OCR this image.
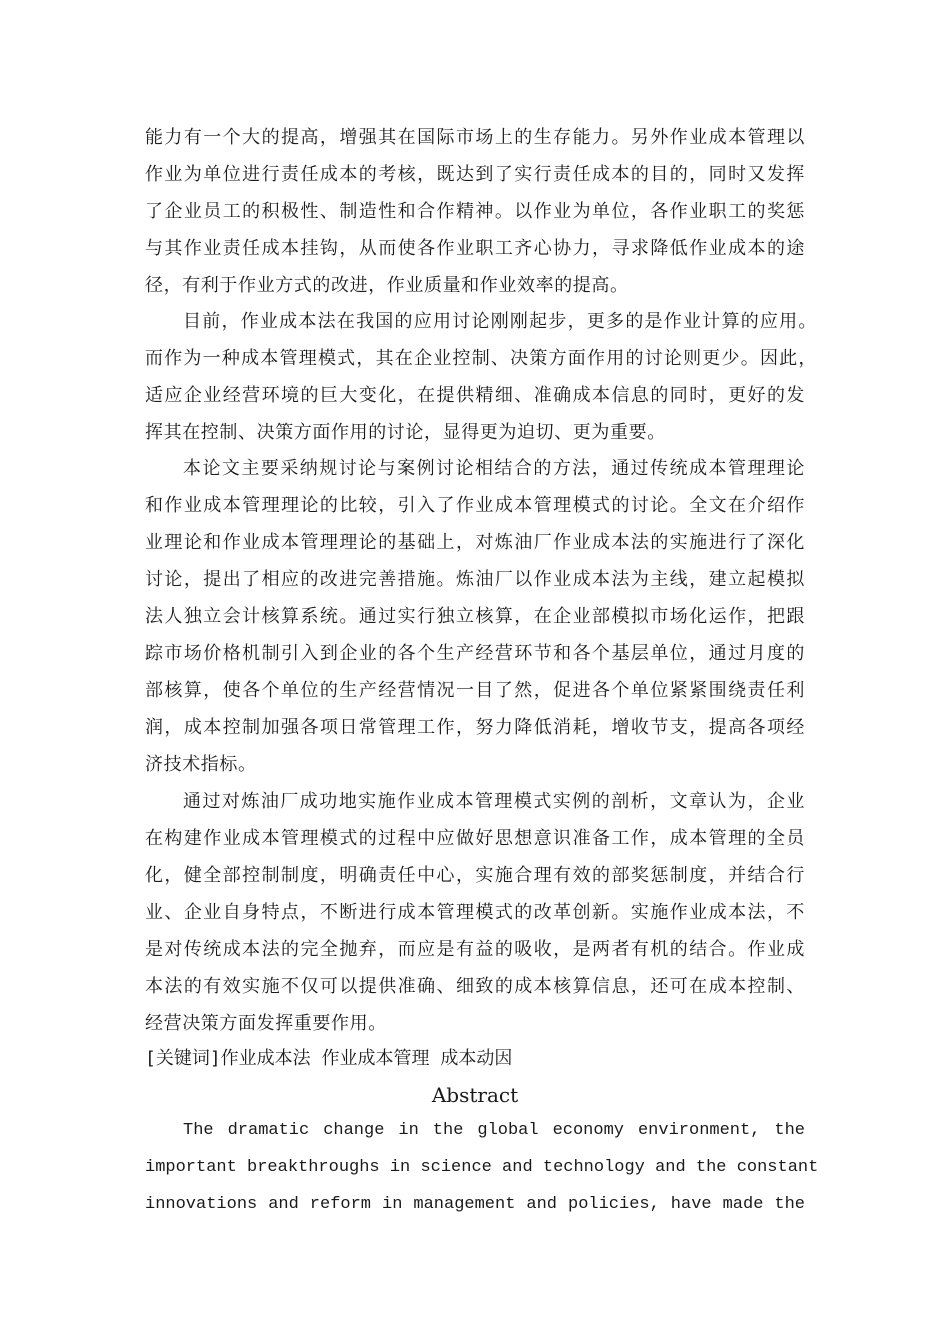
能力有一个大的提高，增强其在国际市场上的生存能力。另外作业成本管理以
作业为单位进行责任成本的考核，既达到了实行责任成本的目的，同时又发挥
了企业员工的积极性、制造性和合作精神。以作业为单位，各作业职工的奖惩
与其作业责任成本挂钩，从而使各作业职工齐心协力，寻求降低作业成本的途
径，有利于作业方式的改进，作业质量和作业效率的提高。
目前，作业成本法在我国的应用讨论刚刚起步，更多的是作业计算的应用。
而作为一种成本管理模式，其在企业控制、决策方面作用的讨论则更少。因此，
适应企业经营环境的巨大变化，在提供精细、准确成本信息的同时，更好的发
挥其在控制、决策方面作用的讨论，显得更为迫切、更为重要。
本论文主要采纳规讨论与案例讨论相结合的方法，通过传统成本管理理论
和作业成本管理理论的比较，引入了作业成本管理模式的讨论。全文在介绍作
业理论和作业成本管理理论的基础上，对炼油厂作业成本法的实施进行了深化
讨论，提出了相应的改进完善措施。炼油厂以作业成本法为主线，建立起模拟
法人独立会计核算系统。通过实行独立核算，在企业部模拟市场化运作，把跟
踪市场价格机制引入到企业的各个生产经营环节和各个基层单位，通过月度的
部核算，使各个单位的生产经营情况一目了然，促进各个单位紧紧围绕责任利
润，成本控制加强各项日常管理工作，努力降低消耗，增收节支，提高各项经
济技术指标。
通过对炼油厂成功地实施作业成本管理模式实例的剖析，文章认为，企业
在构建作业成本管理模式的过程中应做好思想意识准备工作，成本管理的全员
化，健全部控制制度，明确责任中心，实施合理有效的部奖惩制度，并结合行
业、企业自身特点，不断进行成本管理模式的改革创新。实施作业成本法，不
是对传统成本法的完全抛弃，而应是有益的吸收，是两者有机的结合。作业成
本法的有效实施不仅可以提供准确、细致的成本核算信息，还可在成本控制、
经营决策方面发挥重要作用。
[关键词]作业成本法 作业成本管理 成本动因
Abstract
The dramatic change in the global economy environment, the
important breakthroughs in science and technology and the constant
innovations and reform in management and policies, have made the
